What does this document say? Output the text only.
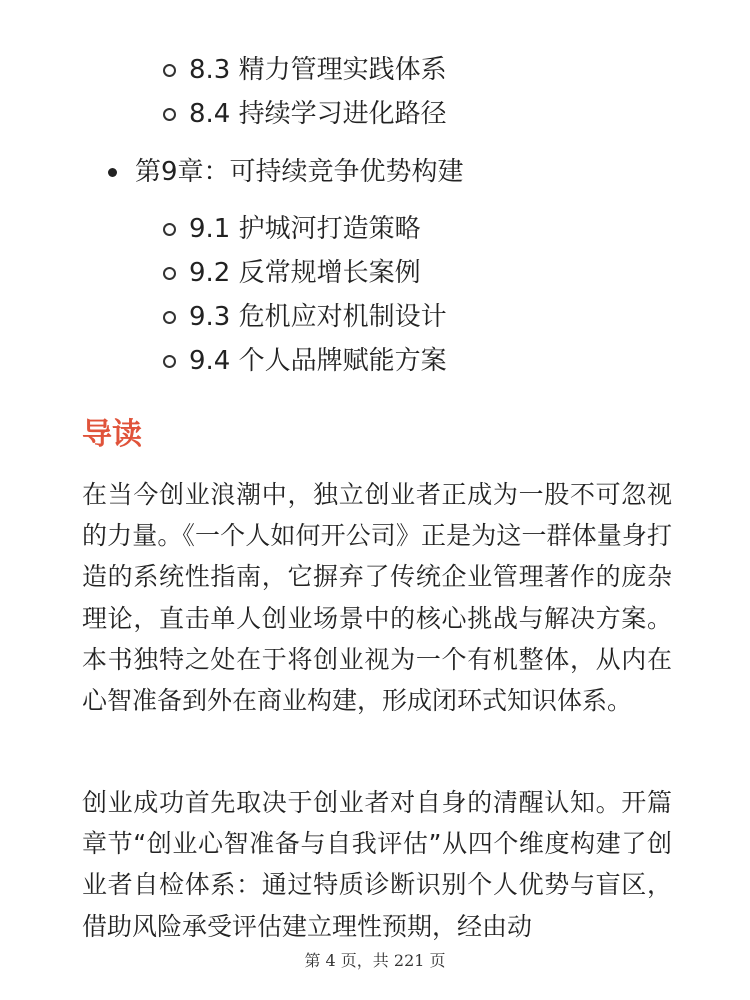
8.3 精力管理实践体系
8.4 持续学习进化路径
第9章：可持续竞争优势构建
9.1 护城河打造策略
9.2 反常规增长案例
9.3 危机应对机制设计
9.4 个人品牌赋能方案
导读

在当今创业浪潮中，独立创业者正成为一股不可忽视的力量。《一个人如何开公司》正是为这一群体量身打造的系统性指南，它摒弃了传统企业管理著作的庞杂理论，直击单人创业场景中的核心挑战与解决方案。本书独特之处在于将创业视为一个有机整体，从内在心智准备到外在商业构建，形成闭环式知识体系。

创业成功首先取决于创业者对自身的清醒认知。开篇章节“创业心智准备与自我评估”从四个维度构建了创业者自检体系：通过特质诊断识别个人优势与盲区，借助风险承受评估建立理性预期，经由动

第 4 页，共 221 页
